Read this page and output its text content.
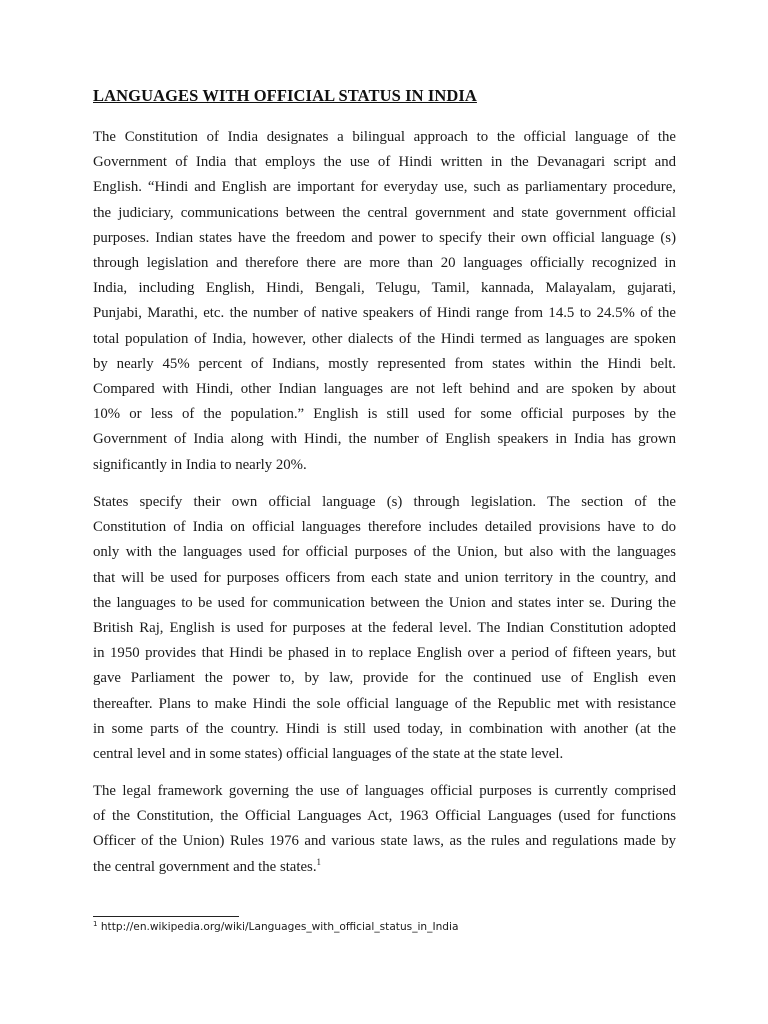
LANGUAGES WITH OFFICIAL STATUS IN INDIA

The Constitution of India designates a bilingual approach to the official language of the
Government of India that employs the use of Hindi written in the Devanagari script and
English. “Hindi and English are important for everyday use, such as parliamentary procedure,
the judiciary, communications between the central government and state government official
purposes. Indian states have the freedom and power to specify their own official language (s)
through legislation and therefore there are more than 20 languages officially recognized in
India, including English, Hindi, Bengali, Telugu, Tamil, kannada, Malayalam, gujarati,
Punjabi, Marathi, etc. the number of native speakers of Hindi range from 14.5 to 24.5% of the
total population of India, however, other dialects of the Hindi termed as languages are spoken
by nearly 45% percent of Indians, mostly represented from states within the Hindi belt.
Compared with Hindi, other Indian languages are not left behind and are spoken by about
10% or less of the population.” English is still used for some official purposes by the
Government of India along with Hindi, the number of English speakers in India has grown
significantly in India to nearly 20%.

States specify their own official language (s) through legislation. The section of the
Constitution of India on official languages therefore includes detailed provisions have to do
only with the languages used for official purposes of the Union, but also with the languages
that will be used for purposes officers from each state and union territory in the country, and
the languages to be used for communication between the Union and states inter se. During the
British Raj, English is used for purposes at the federal level. The Indian Constitution adopted
in 1950 provides that Hindi be phased in to replace English over a period of fifteen years, but
gave Parliament the power to, by law, provide for the continued use of English even
thereafter. Plans to make Hindi the sole official language of the Republic met with resistance
in some parts of the country. Hindi is still used today, in combination with another (at the
central level and in some states) official languages of the state at the state level.

The legal framework governing the use of languages official purposes is currently comprised
of the Constitution, the Official Languages Act, 1963 Official Languages (used for functions
Officer of the Union) Rules 1976 and various state laws, as the rules and regulations made by
the central government and the states.$^1$

$^1$ http://en.wikipedia.org/wiki/Languages_with_official_status_in_India
